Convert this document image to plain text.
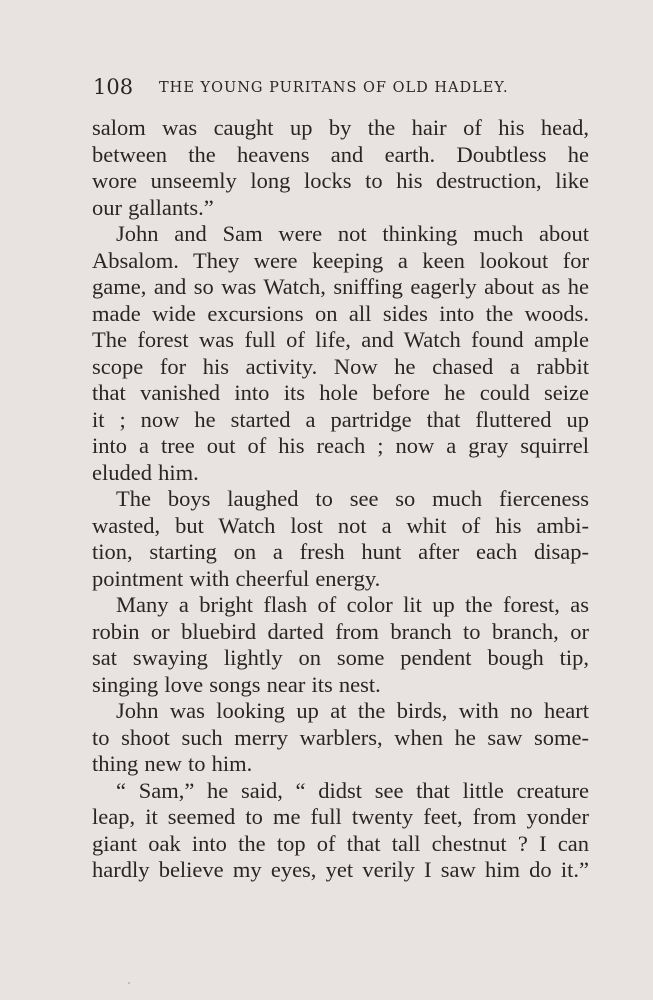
108 THE YOUNG PURITANS OF OLD HADLEY.
salom was caught up by the hair of his head,
between the heavens and earth. Doubtless he
wore unseemly long locks to his destruction, like
our gallants.”
John and Sam were not thinking much about
Absalom. They were keeping a keen lookout for
game, and so was Watch, sniffing eagerly about as he
made wide excursions on all sides into the woods.
The forest was full of life, and Watch found ample
scope for his activity. Now he chased a rabbit
that vanished into its hole before he could seize
it ; now he started a partridge that fluttered up
into a tree out of his reach ; now a gray squirrel
eluded him.
The boys laughed to see so much fierceness
wasted, but Watch lost not a whit of his ambi-
tion, starting on a fresh hunt after each disap-
pointment with cheerful energy.
Many a bright flash of color lit up the forest, as
robin or bluebird darted from branch to branch, or
sat swaying lightly on some pendent bough tip,
singing love songs near its nest.
John was looking up at the birds, with no heart
to shoot such merry warblers, when he saw some-
thing new to him.
“ Sam,” he said, “ didst see that little creature
leap, it seemed to me full twenty feet, from yonder
giant oak into the top of that tall chestnut ? I can
hardly believe my eyes, yet verily I saw him do it.”
